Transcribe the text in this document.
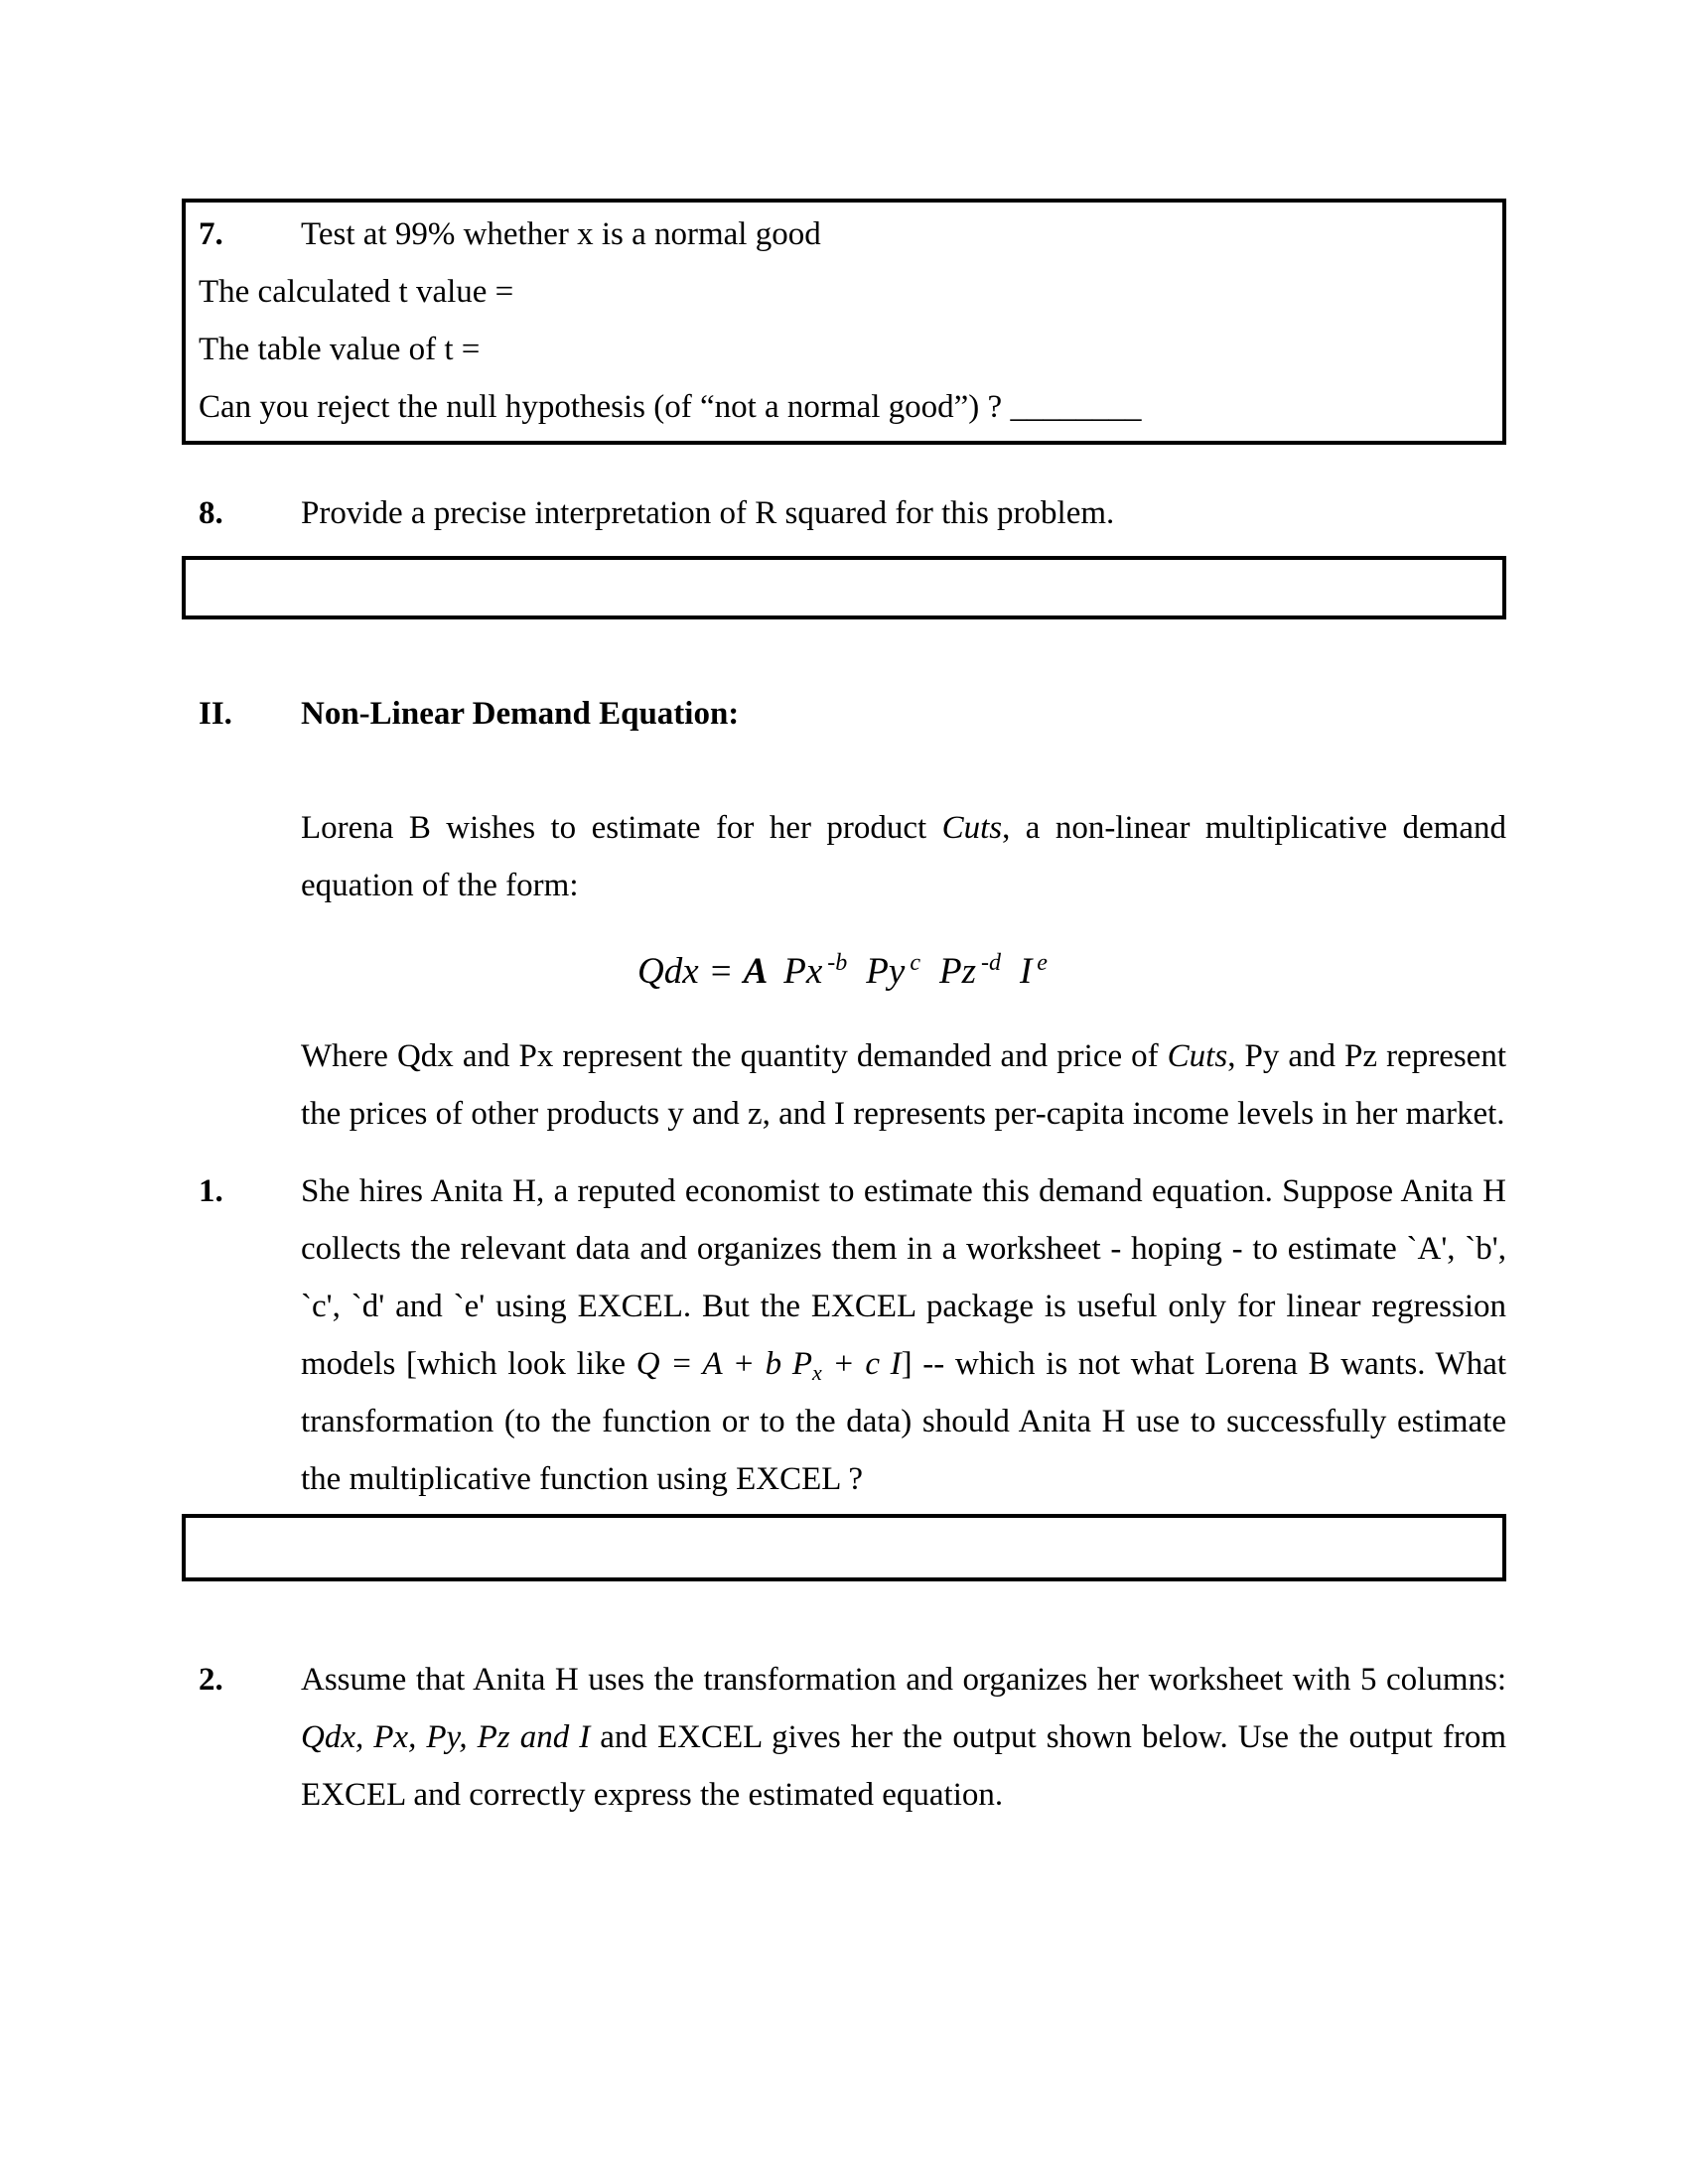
7.	Test at 99% whether x is a normal good
The calculated t value =
The table value of t =
Can you reject the null hypothesis (of “not a normal good”) ? ________
8.	Provide a precise interpretation of R squared for this problem.
II.	Non-Linear Demand Equation:
Lorena B wishes to estimate for her product Cuts, a non-linear multiplicative demand equation of the form:
Qdx = A Px $^{-b}$ Py $^c$ Pz $^{-d}$ I $^e$
Where Qdx and Px represent the quantity demanded and price of Cuts, Py and Pz represent the prices of other products y and z, and I represents per-capita income levels in her market.
1.	She hires Anita H, a reputed economist to estimate this demand equation. Suppose Anita H collects the relevant data and organizes them in a worksheet - hoping - to estimate `A', `b', `c', `d' and `e' using EXCEL. But the EXCEL package is useful only for linear regression models [which look like Q = A + b $P_x + c$ I] -- which is not what Lorena B wants. What transformation (to the function or to the data) should Anita H use to successfully estimate the multiplicative function using EXCEL ?
2.	Assume that Anita H uses the transformation and organizes her worksheet with 5 columns: Qdx, Px, Py, Pz and I and EXCEL gives her the output shown below. Use the output from EXCEL and correctly express the estimated equation.
